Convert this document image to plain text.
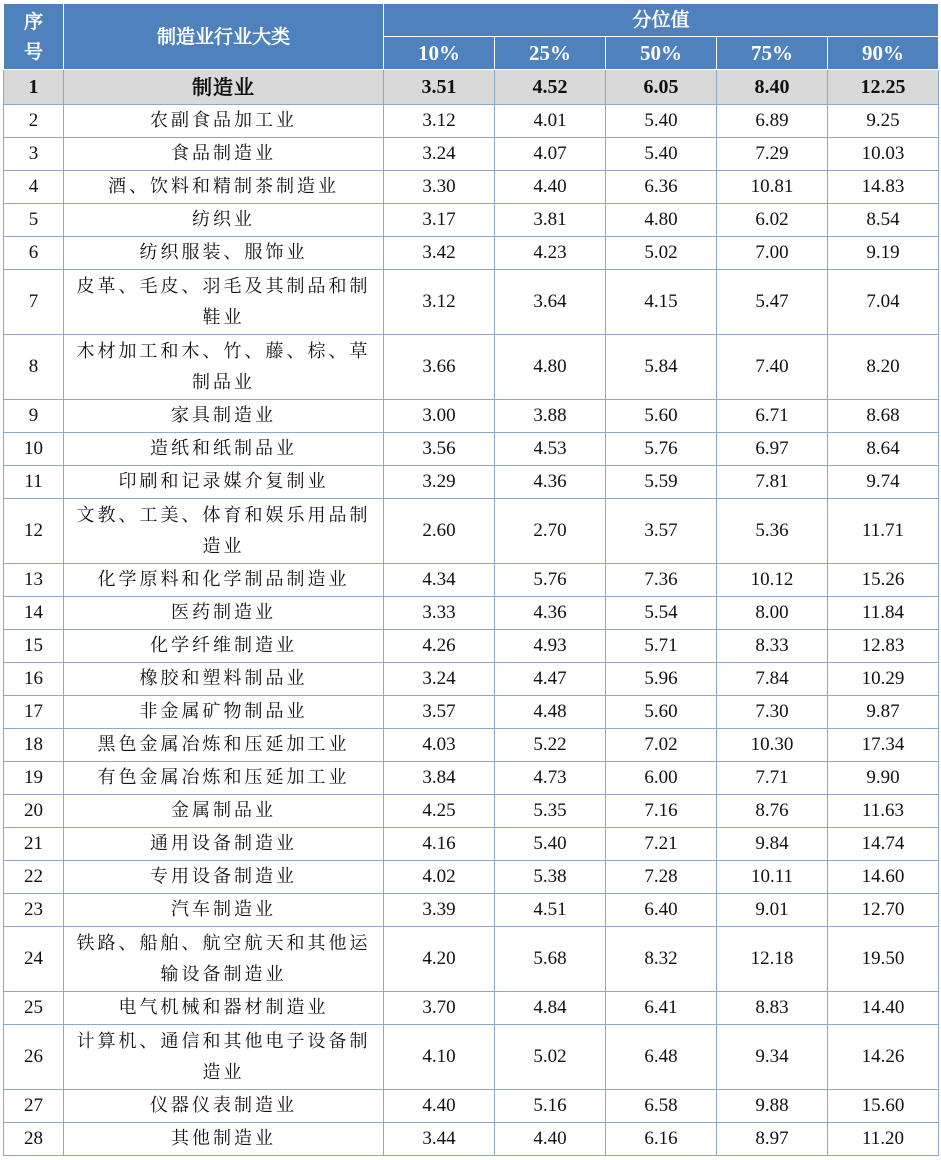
序
号	制造业行业大类	分位值				
		10%	25%	50%	75%	90%
1	制造业	3.51	4.52	6.05	8.40	12.25
2	农副食品加工业	3.12	4.01	5.40	6.89	9.25
3	食品制造业	3.24	4.07	5.40	7.29	10.03
4	酒、饮料和精制茶制造业	3.30	4.40	6.36	10.81	14.83
5	纺织业	3.17	3.81	4.80	6.02	8.54
6	纺织服装、服饰业	3.42	4.23	5.02	7.00	9.19
7	皮革、毛皮、羽毛及其制品和制鞋业	3.12	3.64	4.15	5.47	7.04
8	木材加工和木、竹、藤、棕、草制品业	3.66	4.80	5.84	7.40	8.20
9	家具制造业	3.00	3.88	5.60	6.71	8.68
10	造纸和纸制品业	3.56	4.53	5.76	6.97	8.64
11	印刷和记录媒介复制业	3.29	4.36	5.59	7.81	9.74
12	文教、工美、体育和娱乐用品制造业	2.60	2.70	3.57	5.36	11.71
13	化学原料和化学制品制造业	4.34	5.76	7.36	10.12	15.26
14	医药制造业	3.33	4.36	5.54	8.00	11.84
15	化学纤维制造业	4.26	4.93	5.71	8.33	12.83
16	橡胶和塑料制品业	3.24	4.47	5.96	7.84	10.29
17	非金属矿物制品业	3.57	4.48	5.60	7.30	9.87
18	黑色金属冶炼和压延加工业	4.03	5.22	7.02	10.30	17.34
19	有色金属冶炼和压延加工业	3.84	4.73	6.00	7.71	9.90
20	金属制品业	4.25	5.35	7.16	8.76	11.63
21	通用设备制造业	4.16	5.40	7.21	9.84	14.74
22	专用设备制造业	4.02	5.38	7.28	10.11	14.60
23	汽车制造业	3.39	4.51	6.40	9.01	12.70
24	铁路、船舶、航空航天和其他运输设备制造业	4.20	5.68	8.32	12.18	19.50
25	电气机械和器材制造业	3.70	4.84	6.41	8.83	14.40
26	计算机、通信和其他电子设备制造业	4.10	5.02	6.48	9.34	14.26
27	仪器仪表制造业	4.40	5.16	6.58	9.88	15.60
28	其他制造业	3.44	4.40	6.16	8.97	11.20
